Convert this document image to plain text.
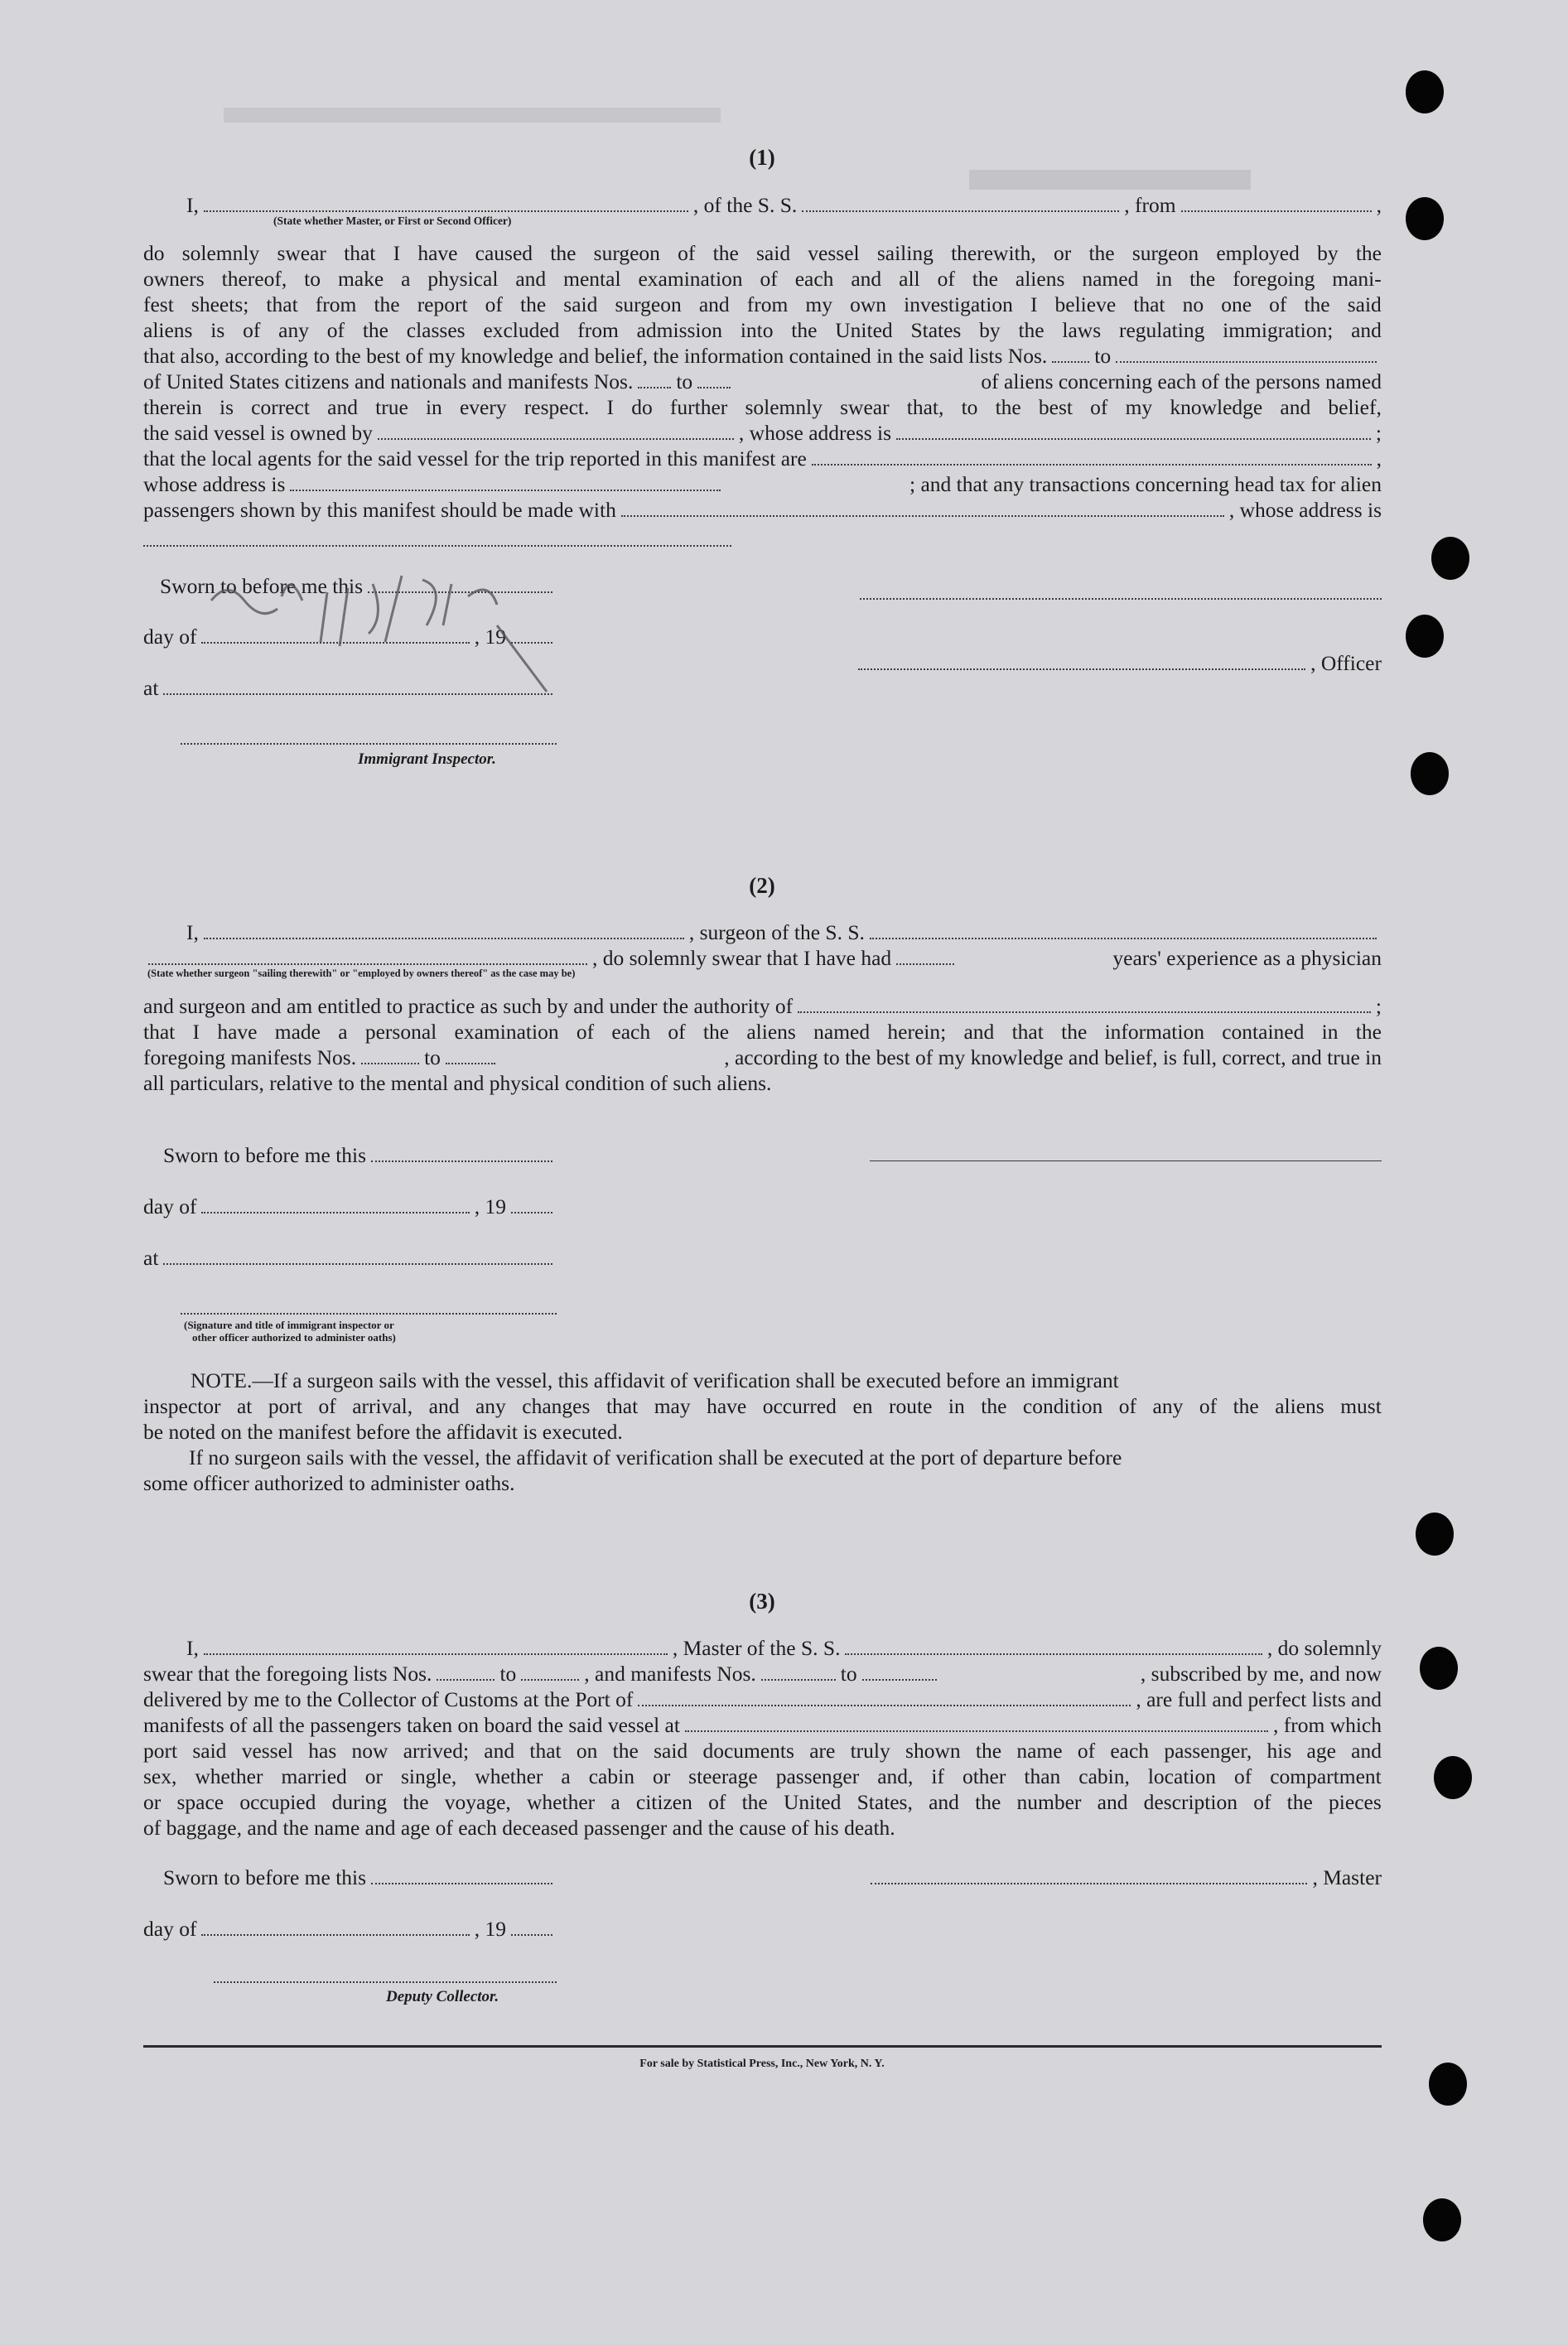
(1)
I,	, of the S. S.	, from	,
(State whether Master, or First or Second Officer)
do solemnly swear that I have caused the surgeon of the said vessel sailing therewith, or the surgeon employed by the
owners thereof, to make a physical and mental examination of each and all of the aliens named in the foregoing mani-
fest sheets; that from the report of the said surgeon and from my own investigation I believe that no one of the said
aliens is of any of the classes excluded from admission into the United States by the laws regulating immigration; and
that also, according to the best of my knowledge and belief, the information contained in the said lists Nos. to
of United States citizens and nationals and manifests Nos. to	of aliens concerning each of the persons named
therein is correct and true in every respect. I do further solemnly swear that, to the best of my knowledge and belief,
the said vessel is owned by	, whose address is	;
that the local agents for the said vessel for the trip reported in this manifest are	,
whose address is	; and that any transactions concerning head tax for alien
passengers shown by this manifest should be made with	, whose address is
Sworn to before me this
day of	, 19
, Officer
at
Immigrant Inspector.
(2)
I,	, surgeon of the S. S.
, do solemnly swear that I have had	years' experience as a physician
(State whether surgeon "sailing therewith" or "employed by owners thereof" as the case may be)
and surgeon and am entitled to practice as such by and under the authority of	;
that I have made a personal examination of each of the aliens named herein; and that the information contained in the
foregoing manifests Nos.	to	, according to the best of my knowledge and belief, is full, correct, and true in
all particulars, relative to the mental and physical condition of such aliens.
Sworn to before me this
day of	, 19
at
(Signature and title of immigrant inspector or
other officer authorized to administer oaths)
NOTE.—If a surgeon sails with the vessel, this affidavit of verification shall be executed before an immigrant
inspector at port of arrival, and any changes that may have occurred en route in the condition of any of the aliens must
be noted on the manifest before the affidavit is executed.
If no surgeon sails with the vessel, the affidavit of verification shall be executed at the port of departure before
some officer authorized to administer oaths.
(3)
I,	, Master of the S. S.	, do solemnly
swear that the foregoing lists Nos.	to	, and manifests Nos.	to	, subscribed by me, and now
delivered by me to the Collector of Customs at the Port of	, are full and perfect lists and
manifests of all the passengers taken on board the said vessel at	, from which
port said vessel has now arrived; and that on the said documents are truly shown the name of each passenger, his age and
sex, whether married or single, whether a cabin or steerage passenger and, if other than cabin, location of compartment
or space occupied during the voyage, whether a citizen of the United States, and the number and description of the pieces
of baggage, and the name and age of each deceased passenger and the cause of his death.
Sworn to before me this	, Master
day of	, 19
Deputy Collector.
For sale by Statistical Press, Inc., New York, N. Y.
